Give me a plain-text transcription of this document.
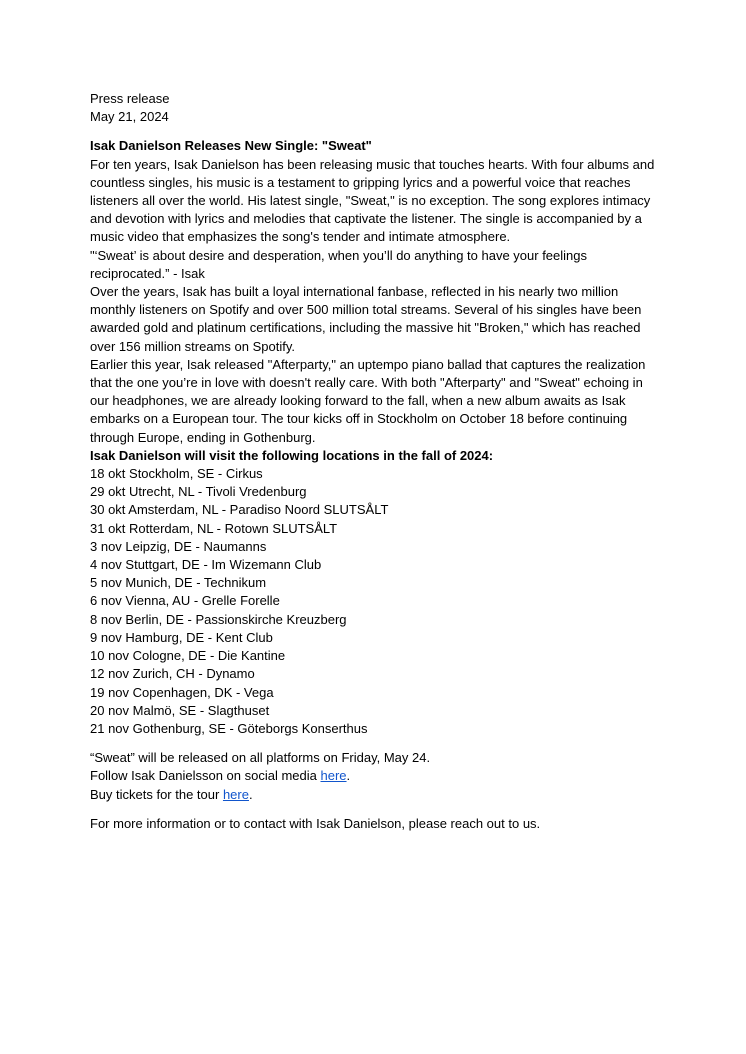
Press release

May 21, 2024

Isak Danielson Releases New Single: "Sweat"

For ten years, Isak Danielson has been releasing music that touches hearts. With four albums and countless singles, his music is a testament to gripping lyrics and a powerful voice that reaches listeners all over the world. His latest single, "Sweat," is no exception. The song explores intimacy and devotion with lyrics and melodies that captivate the listener. The single is accompanied by a music video that emphasizes the song's tender and intimate atmosphere.

"‘Sweat’ is about desire and desperation, when you’ll do anything to have your feelings reciprocated.” - Isak

Over the years, Isak has built a loyal international fanbase, reflected in his nearly two million monthly listeners on Spotify and over 500 million total streams. Several of his singles have been awarded gold and platinum certifications, including the massive hit "Broken," which has reached over 156 million streams on Spotify.

Earlier this year, Isak released "Afterparty," an uptempo piano ballad that captures the realization that the one you’re in love with doesn't really care. With both "Afterparty" and "Sweat" echoing in our headphones, we are already looking forward to the fall, when a new album awaits as Isak embarks on a European tour. The tour kicks off in Stockholm on October 18 before continuing through Europe, ending in Gothenburg.

Isak Danielson will visit the following locations in the fall of 2024:

18 okt Stockholm, SE - Cirkus
29 okt Utrecht, NL - Tivoli Vredenburg
30 okt Amsterdam, NL - Paradiso Noord SLUTSÅLT
31 okt Rotterdam, NL - Rotown SLUTSÅLT
3 nov Leipzig, DE - Naumanns
4 nov Stuttgart, DE - Im Wizemann Club
5 nov Munich, DE - Technikum
6 nov Vienna, AU - Grelle Forelle
8 nov Berlin, DE - Passionskirche Kreuzberg
9 nov Hamburg, DE - Kent Club
10 nov Cologne, DE - Die Kantine
12 nov Zurich, CH - Dynamo
19 nov Copenhagen, DK - Vega
20 nov Malmö, SE - Slagthuset
21 nov Gothenburg, SE - Göteborgs Konserthus

“Sweat” will be released on all platforms on Friday, May 24.

Follow Isak Danielsson on social media here.

Buy tickets for the tour here.

For more information or to contact with Isak Danielson, please reach out to us.
